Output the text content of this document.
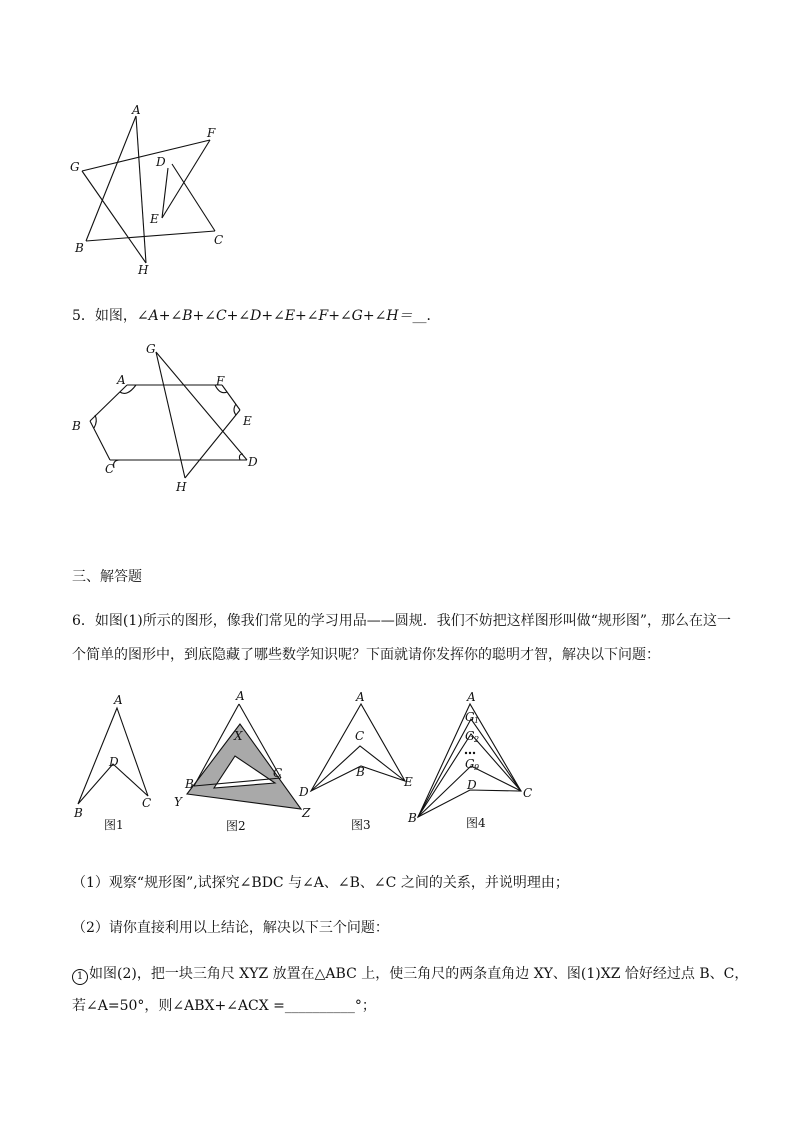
A
F
G	D
E
B
C
H
5．如图，∠A+∠B+∠C+∠D+∠E+∠F+∠G+∠H＝__．
G
A	F
B	E
C	D
H
三、解答题
6．如图(1)所示的图形，像我们常见的学习用品——圆规．我们不妨把这样图形叫做“规形图”，那么在这一
个简单的图形中，到底隐藏了哪些数学知识呢？下面就请你发挥你的聪明才智，解决以下问题：
A
D
B
C
图1
A
X
B
C
Y
Z
图2
A
C
B
D
E
图3
A
G 1
G 2
G 9
D
C
B	图4
（1）观察“规形图”,试探究∠BDC 与∠A、∠B、∠C 之间的关系，并说明理由；
（2）请你直接利用以上结论，解决以下三个问题：
1 如图(2)，把一块三角尺 XYZ 放置在△ABC 上，使三角尺的两条直角边 XY、图(1)XZ 恰好经过点 B、C，
若∠A=50°，则∠ABX+∠ACX =__________°；
